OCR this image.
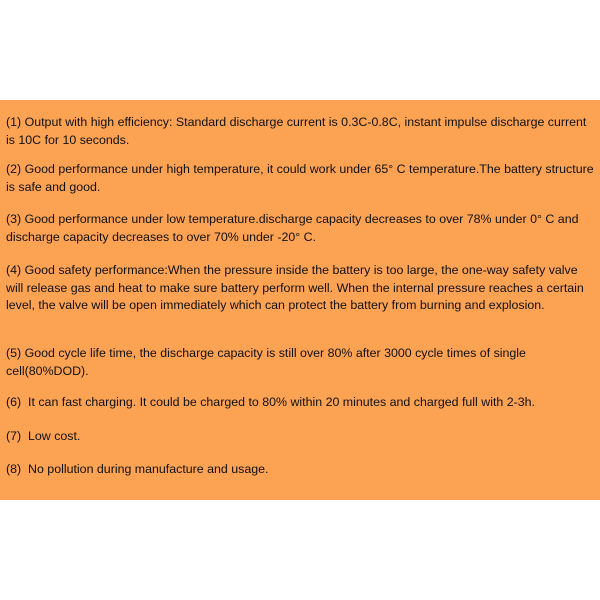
(1) Output with high efficiency: Standard discharge current is 0.3C-0.8C, instant impulse discharge current is 10C for 10 seconds.

(2) Good performance under high temperature, it could work under 65° C temperature.The battery structure is safe and good.

(3) Good performance under low temperature.discharge capacity decreases to over 78% under 0° C and discharge capacity decreases to over 70% under -20° C.

(4) Good safety performance:When the pressure inside the battery is too large, the one-way safety valve will release gas and heat to make sure battery perform well. When the internal pressure reaches a certain level, the valve will be open immediately which can protect the battery from burning and explosion.

(5) Good cycle life time, the discharge capacity is still over 80% after 3000 cycle times of single cell(80%DOD).

(6)  It can fast charging. It could be charged to 80% within 20 minutes and charged full with 2-3h.

(7)  Low cost.

(8)  No pollution during manufacture and usage.
